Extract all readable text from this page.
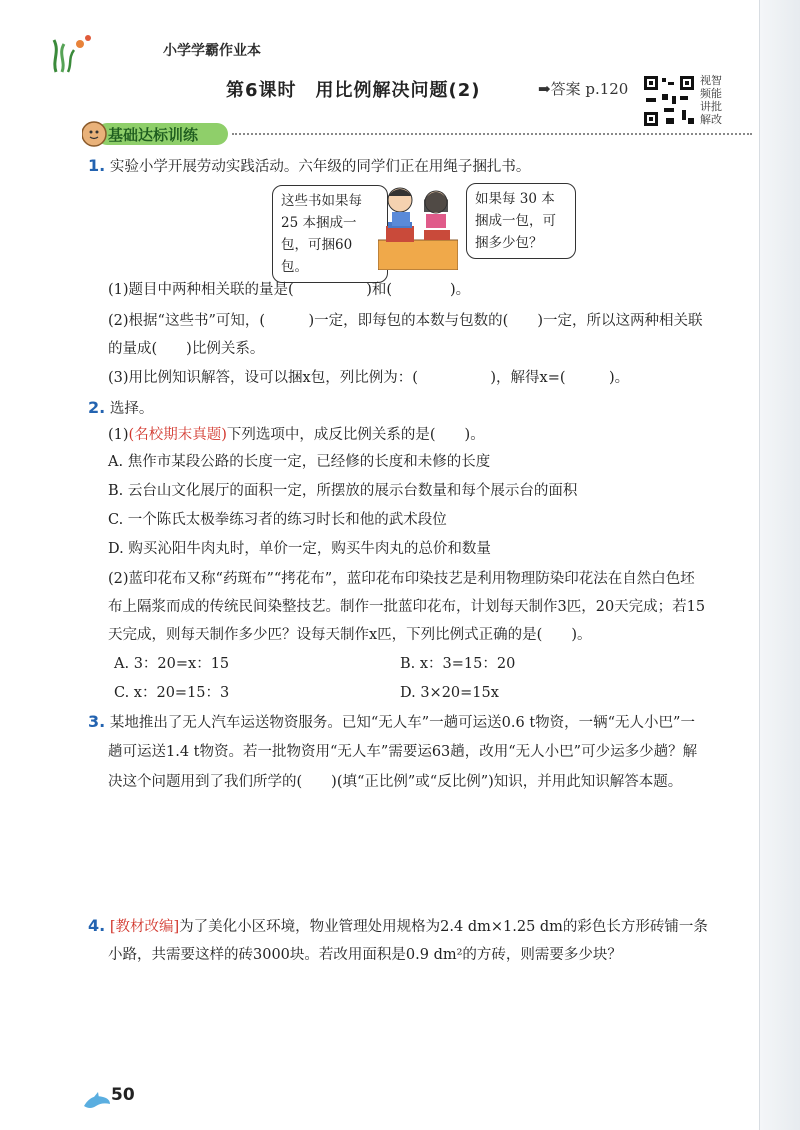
小学学霸作业本
第6课时　用比例解决问题(2)	➡答案 p.120	视智
频能
讲批
解改
基础达标训练
1. 实验小学开展劳动实践活动。六年级的同学们正在用绳子捆扎书。
这些书如果每
25 本捆成一
包，可捆60包。
如果每 30 本
捆成一包，可
捆多少包？
(1)题目中两种相关联的量是(　　　　　)和(　　　　)。
(2)根据“这些书”可知，(　　　)一定，即每包的本数与包数的(　　)一定，所以这两种相关联
的量成(　　)比例关系。
(3)用比例知识解答，设可以捆x包，列比例为：(　　　　　)，解得x=(　　　)。
2. 选择。
(1)(名校期末真题)下列选项中，成反比例关系的是(　　)。
A. 焦作市某段公路的长度一定，已经修的长度和未修的长度
B. 云台山文化展厅的面积一定，所摆放的展示台数量和每个展示台的面积
C. 一个陈氏太极拳练习者的练习时长和他的武术段位
D. 购买沁阳牛肉丸时，单价一定，购买牛肉丸的总价和数量
(2)蓝印花布又称“药斑布”“拷花布”，蓝印花布印染技艺是利用物理防染印花法在自然白色坯
布上隔浆而成的传统民间染整技艺。制作一批蓝印花布，计划每天制作3匹，20天完成；若15
天完成，则每天制作多少匹？设每天制作x匹，下列比例式正确的是(　　)。
A. 3：20=x：15	B. x：3=15：20
C. x：20=15：3	D. 3×20=15x
3. 某地推出了无人汽车运送物资服务。已知“无人车”一趟可运送0.6 t物资，一辆“无人小巴”一
趟可运送1.4 t物资。若一批物资用“无人车”需要运63趟，改用“无人小巴”可少运多少趟？解
决这个问题用到了我们所学的(　　)(填“正比例”或“反比例”)知识，并用此知识解答本题。
4. [教材改编]为了美化小区环境，物业管理处用规格为2.4 dm×1.25 dm的彩色长方形砖铺一条
小路，共需要这样的砖3000块。若改用面积是0.9 dm²的方砖，则需要多少块？
50
